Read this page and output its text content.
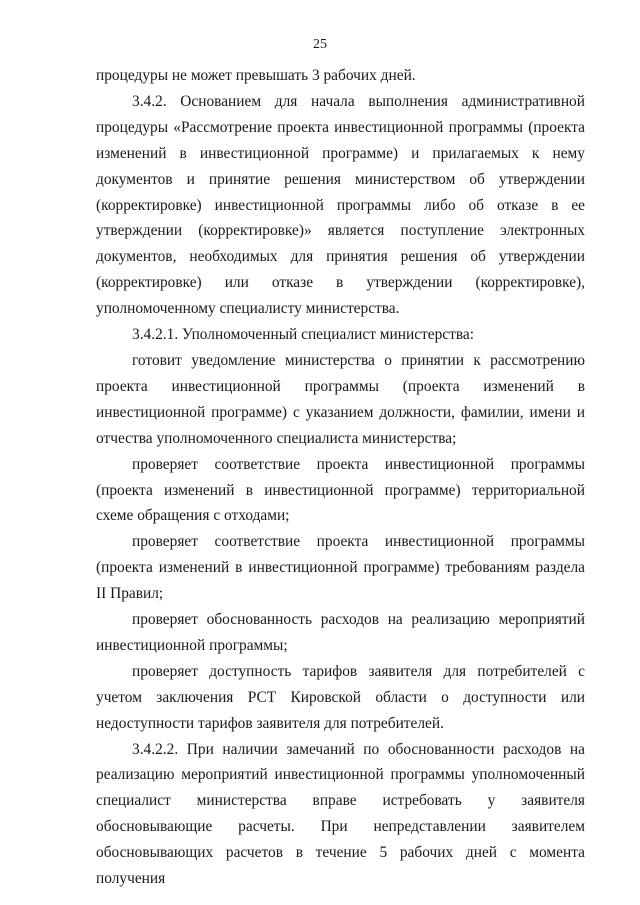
25

процедуры не может превышать 3 рабочих дней.

3.4.2. Основанием для начала выполнения административной процедуры «Рассмотрение проекта инвестиционной программы (проекта изменений в инвестиционной программе) и прилагаемых к нему документов и принятие решения министерством об утверждении (корректировке) инвестиционной программы либо об отказе в ее утверждении (корректировке)» является поступление электронных документов, необходимых для принятия решения об утверждении (корректировке) или отказе в утверждении (корректировке), уполномоченному специалисту министерства.

3.4.2.1. Уполномоченный специалист министерства:

готовит уведомление министерства о принятии к рассмотрению проекта инвестиционной программы (проекта изменений в инвестиционной программе) с указанием должности, фамилии, имени и отчества уполномоченного специалиста министерства;

проверяет соответствие проекта инвестиционной программы (проекта изменений в инвестиционной программе) территориальной схеме обращения с отходами;

проверяет соответствие проекта инвестиционной программы (проекта изменений в инвестиционной программе) требованиям раздела II Правил;

проверяет обоснованность расходов на реализацию мероприятий инвестиционной программы;

проверяет доступность тарифов заявителя для потребителей с учетом заключения РСТ Кировской области о доступности или недоступности тарифов заявителя для потребителей.

3.4.2.2. При наличии замечаний по обоснованности расходов на реализацию мероприятий инвестиционной программы уполномоченный специалист министерства вправе истребовать у заявителя обосновывающие расчеты. При непредставлении заявителем обосновывающих расчетов в течение 5 рабочих дней с момента получения
